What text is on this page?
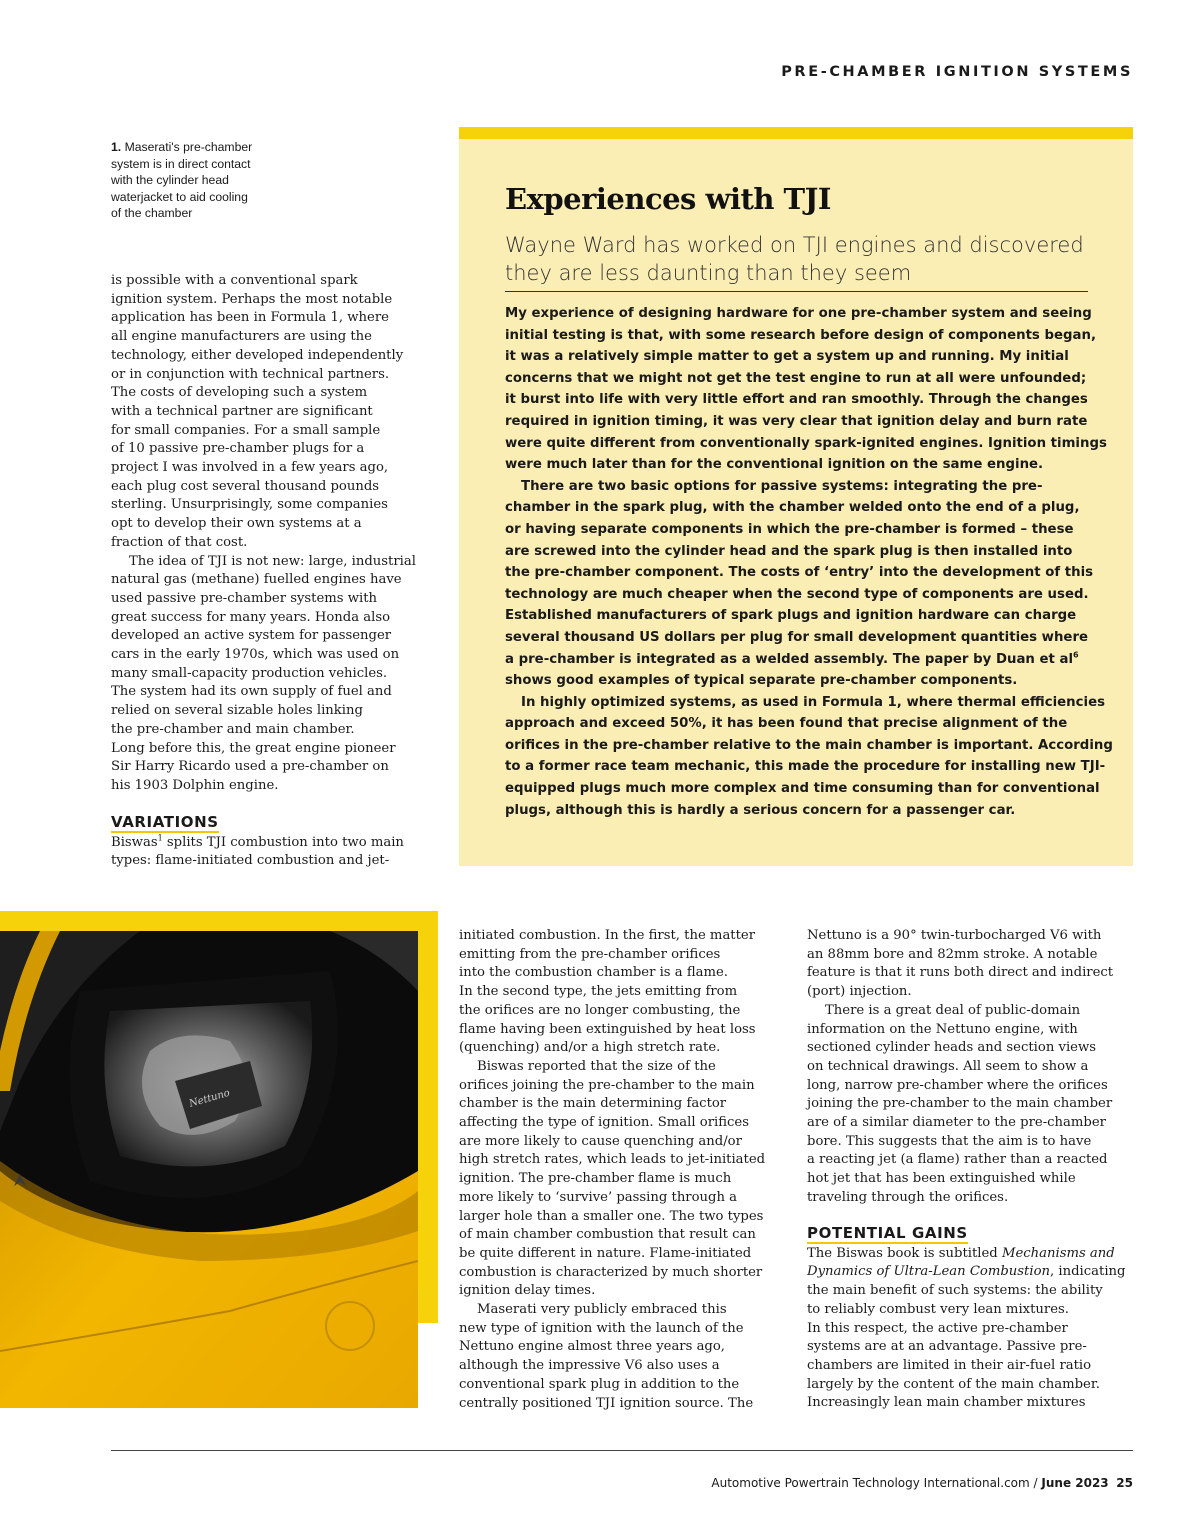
PRE-CHAMBER IGNITION SYSTEMS
1. Maserati's pre-chamber
system is in direct contact
with the cylinder head
waterjacket to aid cooling
of the chamber

is possible with a conventional spark

ignition system. Perhaps the most notable

application has been in Formula 1, where

all engine manufacturers are using the

technology, either developed independently

or in conjunction with technical partners.

The costs of developing such a system

with a technical partner are significant

for small companies. For a small sample

of 10 passive pre-chamber plugs for a

project I was involved in a few years ago,

each plug cost several thousand pounds

sterling. Unsurprisingly, some companies

opt to develop their own systems at a

fraction of that cost.

The idea of TJI is not new: large, industrial

natural gas (methane) fuelled engines have

used passive pre-chamber systems with

great success for many years. Honda also

developed an active system for passenger

cars in the early 1970s, which was used on

many small-capacity production vehicles.

The system had its own supply of fuel and

relied on several sizable holes linking

the pre-chamber and main chamber.

Long before this, the great engine pioneer

Sir Harry Ricardo used a pre-chamber on

his 1903 Dolphin engine.

VARIATIONS

Biswas$^1$ splits TJI combustion into two main

types: flame-initiated combustion and jet-

Experiences with TJI
Wayne Ward has worked on TJI engines and discovered
they are less daunting than they seem

My experience of designing hardware for one pre-chamber system and seeing

initial testing is that, with some research before design of components began,

it was a relatively simple matter to get a system up and running. My initial

concerns that we might not get the test engine to run at all were unfounded;

it burst into life with very little effort and ran smoothly. Through the changes

required in ignition timing, it was very clear that ignition delay and burn rate

were quite different from conventionally spark-ignited engines. Ignition timings

were much later than for the conventional ignition on the same engine.

There are two basic options for passive systems: integrating the pre-

chamber in the spark plug, with the chamber welded onto the end of a plug,

or having separate components in which the pre-chamber is formed – these

are screwed into the cylinder head and the spark plug is then installed into

the pre-chamber component. The costs of ‘entry’ into the development of this

technology are much cheaper when the second type of components are used.

Established manufacturers of spark plugs and ignition hardware can charge

several thousand US dollars per plug for small development quantities where

a pre-chamber is integrated as a welded assembly. The paper by Duan et $al^6$

shows good examples of typical separate pre-chamber components.

In highly optimized systems, as used in Formula 1, where thermal efficiencies

approach and exceed 50%, it has been found that precise alignment of the

orifices in the pre-chamber relative to the main chamber is important. According

to a former race team mechanic, this made the procedure for installing new TJI-

equipped plugs much more complex and time consuming than for conventional

plugs, although this is hardly a serious concern for a passenger car.

Nettuno

initiated combustion. In the first, the matter

emitting from the pre-chamber orifices

into the combustion chamber is a flame.

In the second type, the jets emitting from

the orifices are no longer combusting, the

flame having been extinguished by heat loss

(quenching) and/or a high stretch rate.

Biswas reported that the size of the

orifices joining the pre-chamber to the main

chamber is the main determining factor

affecting the type of ignition. Small orifices

are more likely to cause quenching and/or

high stretch rates, which leads to jet-initiated

ignition. The pre-chamber flame is much

more likely to ‘survive’ passing through a

larger hole than a smaller one. The two types

of main chamber combustion that result can

be quite different in nature. Flame-initiated

combustion is characterized by much shorter

ignition delay times.

Maserati very publicly embraced this

new type of ignition with the launch of the

Nettuno engine almost three years ago,

although the impressive V6 also uses a

conventional spark plug in addition to the

centrally positioned TJI ignition source. The

Nettuno is a 90° twin-turbocharged V6 with

an 88mm bore and 82mm stroke. A notable

feature is that it runs both direct and indirect

(port) injection.

There is a great deal of public-domain

information on the Nettuno engine, with

sectioned cylinder heads and section views

on technical drawings. All seem to show a

long, narrow pre-chamber where the orifices

joining the pre-chamber to the main chamber

are of a similar diameter to the pre-chamber

bore. This suggests that the aim is to have

a reacting jet (a flame) rather than a reacted

hot jet that has been extinguished while

traveling through the orifices.

POTENTIAL GAINS

The Biswas book is subtitled Mechanisms and

Dynamics of Ultra-Lean Combustion, indicating

the main benefit of such systems: the ability

to reliably combust very lean mixtures.

In this respect, the active pre-chamber

systems are at an advantage. Passive pre-

chambers are limited in their air-fuel ratio

largely by the content of the main chamber.

Increasingly lean main chamber mixtures

Automotive Powertrain Technology International.com / June 2023 25
